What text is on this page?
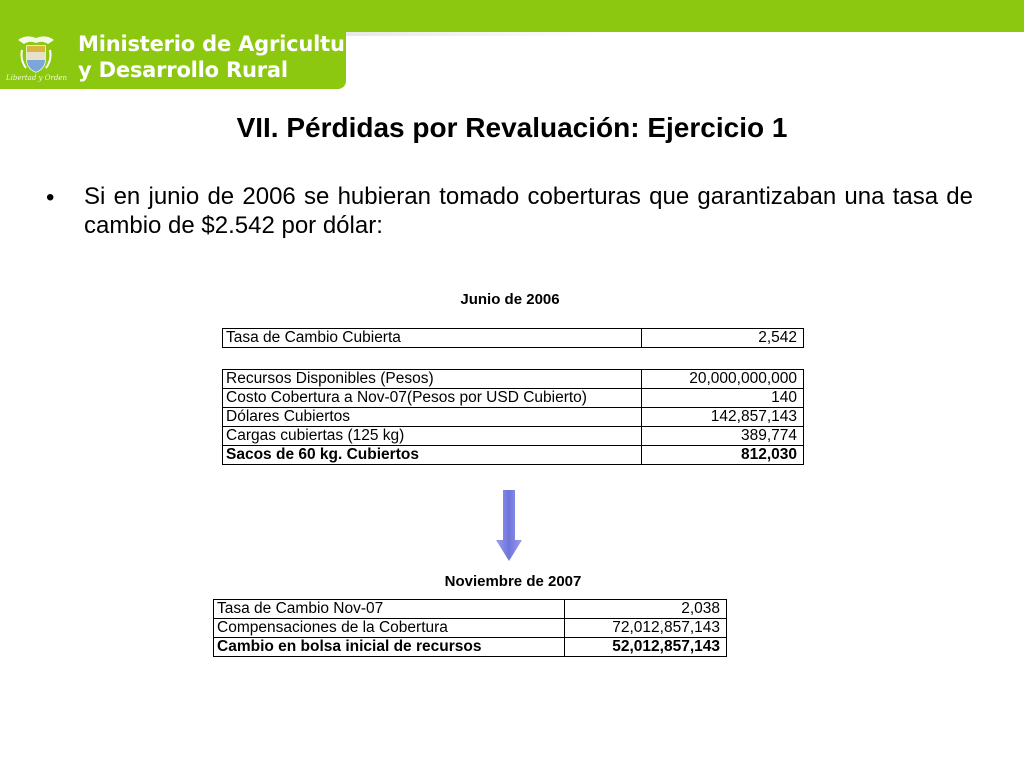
Libertad y Orden
Ministerio de Agricultura
y Desarrollo Rural
VII. Pérdidas por Revaluación: Ejercicio 1
• Si en junio de 2006 se hubieran tomado coberturas que garantizaban una tasa de cambio de $2.542 por dólar:
Junio de 2006
Tasa de Cambio Cubierta	2,542
Recursos Disponibles (Pesos)	20,000,000,000
Costo Cobertura a Nov-07(Pesos por USD Cubierto)	140
Dólares Cubiertos	142,857,143
Cargas cubiertas (125 kg)	389,774
Sacos de 60 kg. Cubiertos	812,030
Noviembre de 2007
Tasa de Cambio Nov-07	2,038
Compensaciones de la Cobertura	72,012,857,143
Cambio en bolsa inicial de recursos	52,012,857,143
